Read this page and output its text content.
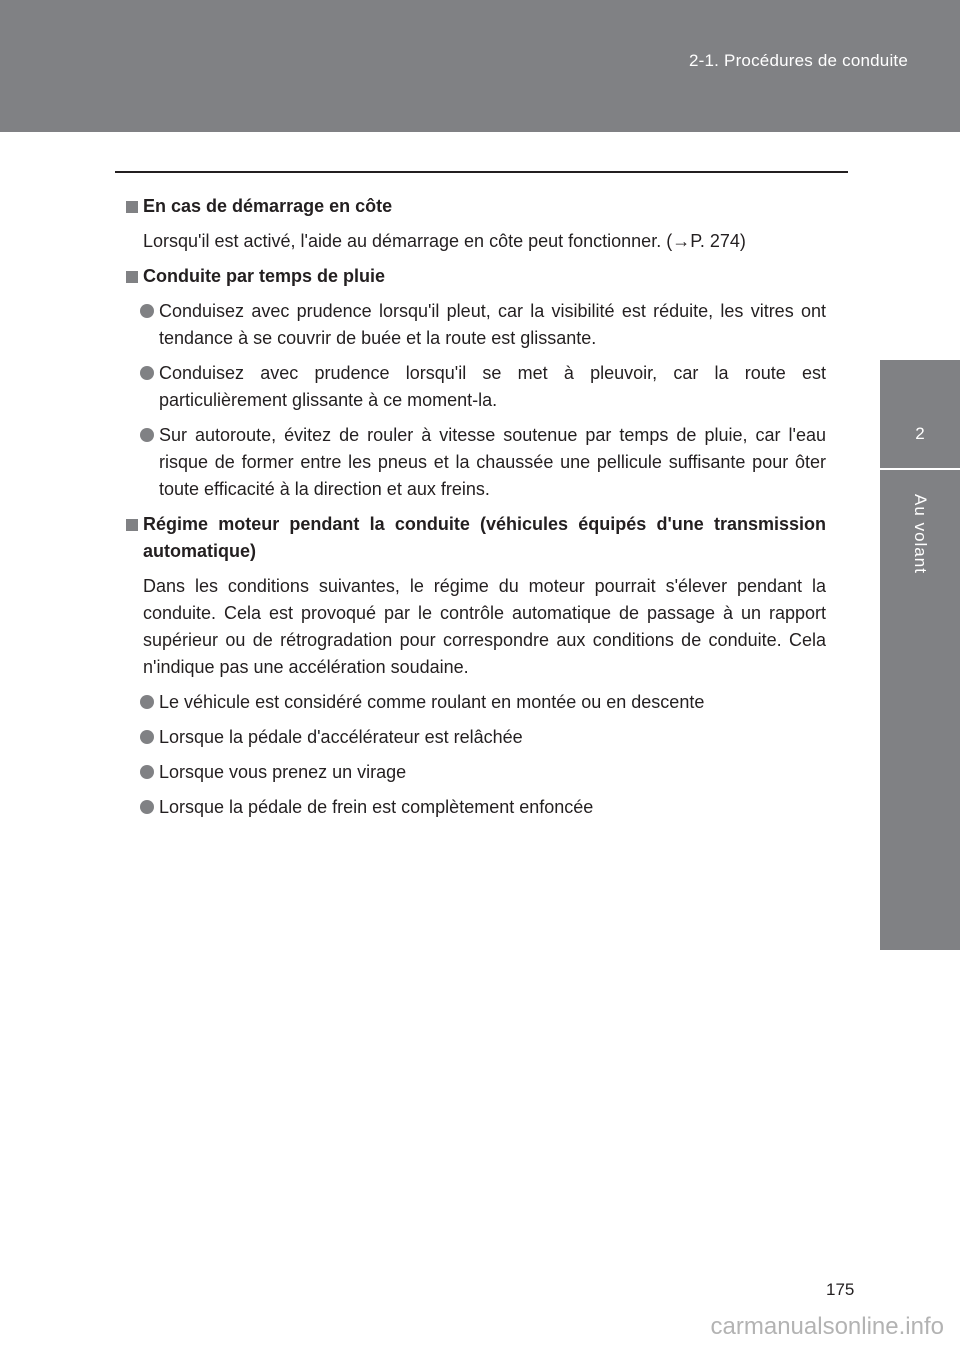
2-1. Procédures de conduite
2
Au volant
En cas de démarrage en côte
Lorsqu'il est activé, l'aide au démarrage en côte peut fonctionner. (→P. 274)
Conduite par temps de pluie
Conduisez avec prudence lorsqu'il pleut, car la visibilité est réduite, les vitres ont tendance à se couvrir de buée et la route est glissante.
Conduisez avec prudence lorsqu'il se met à pleuvoir, car la route est particulièrement glissante à ce moment-la.
Sur autoroute, évitez de rouler à vitesse soutenue par temps de pluie, car l'eau risque de former entre les pneus et la chaussée une pellicule suffisante pour ôter toute efficacité à la direction et aux freins.
Régime moteur pendant la conduite (véhicules équipés d'une transmission automatique)
Dans les conditions suivantes, le régime du moteur pourrait s'élever pendant la conduite. Cela est provoqué par le contrôle automatique de passage à un rapport supérieur ou de rétrogradation pour correspondre aux conditions de conduite. Cela n'indique pas une accélération soudaine.
Le véhicule est considéré comme roulant en montée ou en descente
Lorsque la pédale d'accélérateur est relâchée
Lorsque vous prenez un virage
Lorsque la pédale de frein est complètement enfoncée
175
carmanualsonline.info
